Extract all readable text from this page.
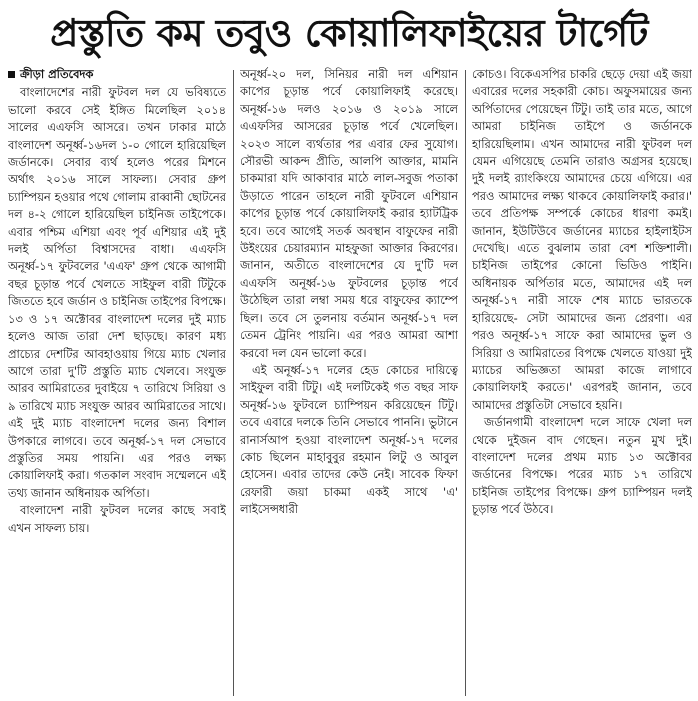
প্রস্তুতি কম তবুও কোয়ালিফাইয়ের টার্গেট
ক্রীড়া প্রতিবেদক

বাংলাদেশের নারী ফুটবল দল যে ভবিষ্যতে ভালো করবে সেই ইঙ্গিত মিলেছিল ২০১৪ সালের এএফসি আসরে। তখন ঢাকার মাঠে বাংলাদেশ অনূর্ধ্ব-১৬দল ১-০ গোলে হারিয়েছিল জর্ডানকে। সেবার ব্যর্থ হলেও পরের মিশনে অর্থাৎ ২০১৬ সালে সাফল্য। সেবার গ্রুপ চ্যাম্পিয়ন হওয়ার পথে গোলাম রাব্বানী ছোটনের দল ৪-২ গোলে হারিয়েছিল চাইনিজ তাইপেকে। এবার পশ্চিম এশিয়া এবং পূর্ব এশিয়ার এই দুই দলই অর্পিতা বিশ্বাসদের বাধা। এএফসি অনূর্ধ্ব-১৭ ফুটবলের 'এএফ' গ্রুপ থেকে আগামী বছর চূড়ান্ত পর্বে খেলতে সাইফুল বারী টিটুকে জিততে হবে জর্ডান ও চাইনিজ তাইপের বিপক্ষে। ১৩ ও ১৭ অক্টোবর বাংলাদেশ দলের দুই ম্যাচ হলেও আজ তারা দেশ ছাড়ছে। কারণ মধ্য প্রাচ্যের দেশটির আবহাওয়ায় গিয়ে ম্যাচ খেলার আগে তারা দু'টি প্রস্তুতি ম্যাচ খেলবে। সংযুক্ত আরব আমিরাতের দুবাইয়ে ৭ তারিখে সিরিয়া ও ৯ তারিখে ম্যাচ সংযুক্ত আরব আমিরাতের সাথে। এই দুই ম্যাচ বাংলাদেশ দলের জন্য বিশাল উপকারে লাগবে। তবে অনূর্ধ্ব-১৭ দল সেভাবে প্রস্তুতির সময় পায়নি। এর পরও লক্ষ্য কোয়ালিফাই করা। গতকাল সংবাদ সম্মেলনে এই তথ্য জানান অধিনায়ক অর্পিতা।

বাংলাদেশ নারী ফুটবল দলের কাছে সবাই এখন সাফল্য চায়।

অনূর্ধ্ব-২০ দল, সিনিয়র নারী দল এশিয়ান কাপের চূড়ান্ত পর্বে কোয়ালিফাই করেছে। অনূর্ধ্ব-১৬ দলও ২০১৬ ও ২০১৯ সালে এএফসির আসরের চূড়ান্ত পর্বে খেলেছিল। ২০২৩ সালে ব্যর্থতার পর এবার ফের সুযোগ। সৌরভী আকন্দ প্রীতি, আলপি আক্তার, মামনি চাকমারা যদি আকাবার মাঠে লাল-সবুজ পতাকা উড়াতে পারেন তাহলে নারী ফুটবলে এশিয়ান কাপের চূড়ান্ত পর্বে কোয়ালিফাই করার হ্যাটট্রিক হবে। তবে আগেই সতর্ক অবস্থান বাফুফের নারী উইংয়ের চেয়ারম্যান মাহফুজা আক্তার কিরণের। জানান, অতীতে বাংলাদেশের যে দু'টি দল এএফসি অনূর্ধ্ব-১৬ ফুটবলের চূড়ান্ত পর্বে উঠেছিল তারা লম্বা সময় ধরে বাফুফের ক্যাম্পে ছিল। তবে সে তুলনায় বর্তমান অনূর্ধ্ব-১৭ দল তেমন ট্রেনিং পায়নি। এর পরও আমরা আশা করবো দল যেন ভালো করে।

এই অনূর্ধ্ব-১৭ দলের হেড কোচের দায়িত্বে সাইফুল বারী টিটু। এই দলটিকেই গত বছর সাফ অনূর্ধ্ব-১৬ ফুটবলে চ্যাম্পিয়ন করিয়েছেন টিটু। তবে এবারে দলকে তিনি সেভাবে পাননি। ভুটানে রানার্সআপ হওয়া বাংলাদেশ অনূর্ধ্ব-১৭ দলের কোচ ছিলেন মাহাবুবুর রহমান লিটু ও আবুল হোসেন। এবার তাদের কেউ নেই। সাবেক ফিফা রেফারী জয়া চাকমা একই সাথে 'এ' লাইসেন্সধারী

কোচও। বিকেএসপির চাকরি ছেড়ে দেয়া এই জয়া এবারের দলের সহকারী কোচ। অফুসমায়ের জন্য অর্পিতাদের পেয়েছেন টিটু। তাই তার মতে, আগে আমরা চাইনিজ তাইপে ও জর্ডানকে হারিয়েছিলাম। এখন আমাদের নারী ফুটবল দল যেমন এগিয়েছে তেমনি তারাও অগ্রসর হয়েছে। দুই দলই র‍্যাংকিংয়ে আমাদের চেয়ে এগিয়ে। এর পরও আমাদের লক্ষ্য থাকবে কোয়ালিফাই করার।' তবে প্রতিপক্ষ সম্পর্কে কোচের ধারণা কমই। জানান, ইউটিউবে জর্ডানের ম্যাচের হাইলাইটস দেখেছি। এতে বুঝলাম তারা বেশ শক্তিশালী। চাইনিজ তাইপের কোনো ভিডিও পাইনি। অধিনায়ক অর্পিতার মতে, আমাদের এই দল অনূর্ধ্ব-১৭ নারী সাফে শেষ ম্যাচে ভারতকে হারিয়েছে- সেটা আমাদের জন্য প্রেরণা। এর পরও অনূর্ধ্ব-১৭ সাফে করা আমাদের ভুল ও সিরিয়া ও আমিরাতের বিপক্ষে খেলতে যাওয়া দুই ম্যাচের অভিজ্ঞতা আমরা কাজে লাগাবে কোয়ালিফাই করতে।' এরপরই জানান, তবে আমাদের প্রস্তুতিটা সেভাবে হয়নি।

জর্ডানগামী বাংলাদেশ দলে সাফে খেলা দল থেকে দুইজন বাদ গেছেন। নতুন মুখ দুই। বাংলাদেশ দলের প্রথম ম্যাচ ১৩ অক্টোবর জর্ডানের বিপক্ষে। পরের ম্যাচ ১৭ তারিখে চাইনিজ তাইপের বিপক্ষে। গ্রুপ চ্যাম্পিয়ন দলই চূড়ান্ত পর্বে উঠবে।
